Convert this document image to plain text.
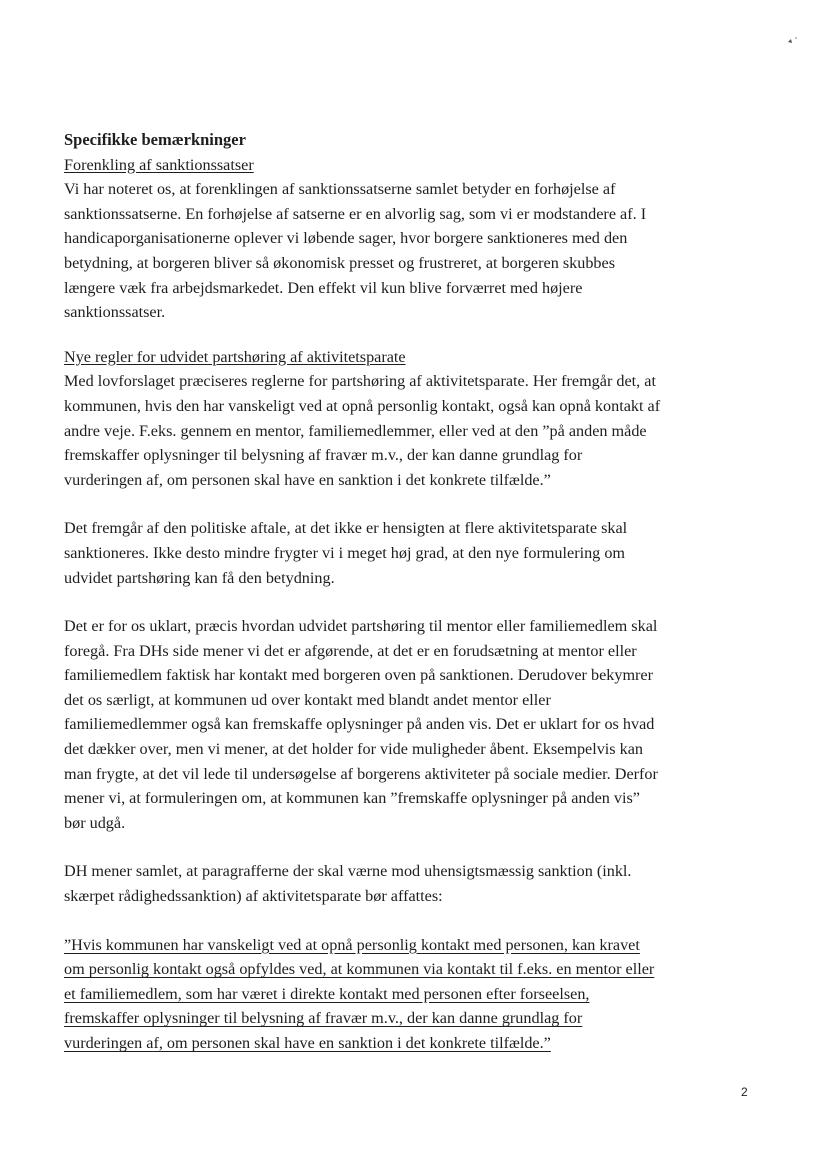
Specifikke bemærkninger
Forenkling af sanktionssatser
Vi har noteret os, at forenklingen af sanktionssatserne samlet betyder en forhøjelse af
sanktionssatserne. En forhøjelse af satserne er en alvorlig sag, som vi er modstandere af. I
handicaporganisationerne oplever vi løbende sager, hvor borgere sanktioneres med den
betydning, at borgeren bliver så økonomisk presset og frustreret, at borgeren skubbes
længere væk fra arbejdsmarkedet. Den effekt vil kun blive forværret med højere
sanktionssatser.
Nye regler for udvidet partshøring af aktivitetsparate
Med lovforslaget præciseres reglerne for partshøring af aktivitetsparate. Her fremgår det, at
kommunen, hvis den har vanskeligt ved at opnå personlig kontakt, også kan opnå kontakt af
andre veje. F.eks. gennem en mentor, familiemedlemmer, eller ved at den ”på anden måde
fremskaffer oplysninger til belysning af fravær m.v., der kan danne grundlag for
vurderingen af, om personen skal have en sanktion i det konkrete tilfælde.”
Det fremgår af den politiske aftale, at det ikke er hensigten at flere aktivitetsparate skal
sanktioneres. Ikke desto mindre frygter vi i meget høj grad, at den nye formulering om
udvidet partshøring kan få den betydning.
Det er for os uklart, præcis hvordan udvidet partshøring til mentor eller familiemedlem skal
foregå. Fra DHs side mener vi det er afgørende, at det er en forudsætning at mentor eller
familiemedlem faktisk har kontakt med borgeren oven på sanktionen. Derudover bekymrer
det os særligt, at kommunen ud over kontakt med blandt andet mentor eller
familiemedlemmer også kan fremskaffe oplysninger på anden vis. Det er uklart for os hvad
det dækker over, men vi mener, at det holder for vide muligheder åbent. Eksempelvis kan
man frygte, at det vil lede til undersøgelse af borgerens aktiviteter på sociale medier. Derfor
mener vi, at formuleringen om, at kommunen kan ”fremskaffe oplysninger på anden vis”
bør udgå.
DH mener samlet, at paragrafferne der skal værne mod uhensigtsmæssig sanktion (inkl.
skærpet rådighedssanktion) af aktivitetsparate bør affattes:
”Hvis kommunen har vanskeligt ved at opnå personlig kontakt med personen, kan kravet
om personlig kontakt også opfyldes ved, at kommunen via kontakt til f.eks. en mentor eller
et familiemedlem, som har været i direkte kontakt med personen efter forseelsen,
fremskaffer oplysninger til belysning af fravær m.v., der kan danne grundlag for
vurderingen af, om personen skal have en sanktion i det konkrete tilfælde.”
2
